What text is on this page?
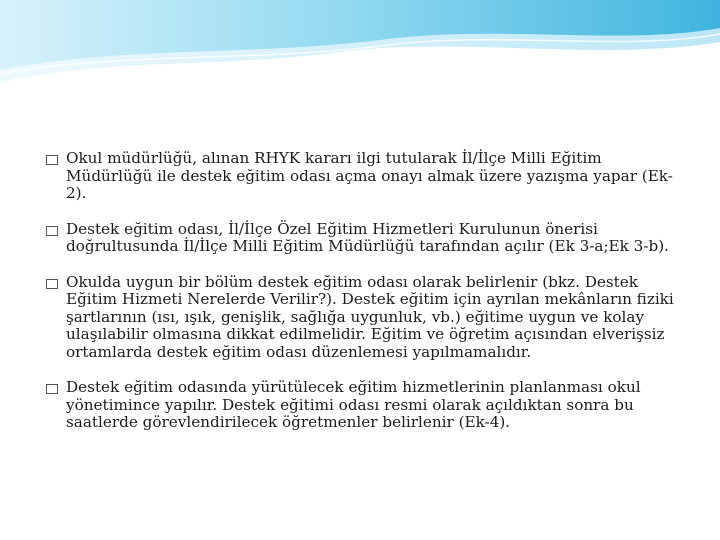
Okul müdürlüğü, alınan RHYK kararı ilgi tutularak İl/İlçe Milli Eğitim Müdürlüğü ile destek eğitim odası açma onayı almak üzere yazışma yapar (Ek-2).
Destek eğitim odası, İl/İlçe Özel Eğitim Hizmetleri Kurulunun önerisi doğrultusunda İl/İlçe Milli Eğitim Müdürlüğü tarafından açılır (Ek 3-a;Ek 3-b).
Okulda uygun bir bölüm destek eğitim odası olarak belirlenir (bkz. Destek Eğitim Hizmeti Nerelerde Verilir?). Destek eğitim için ayrılan mekânların fiziki şartlarının (ısı, ışık, genişlik, sağlığa uygunluk, vb.) eğitime uygun ve kolay ulaşılabilir olmasına dikkat edilmelidir. Eğitim ve öğretim açısından elverişsiz ortamlarda destek eğitim odası düzenlemesi yapılmamalıdır.
Destek eğitim odasında yürütülecek eğitim hizmetlerinin planlanması okul yönetimince yapılır. Destek eğitimi odası resmi olarak açıldıktan sonra bu saatlerde görevlendirilecek öğretmenler belirlenir (Ek-4).
